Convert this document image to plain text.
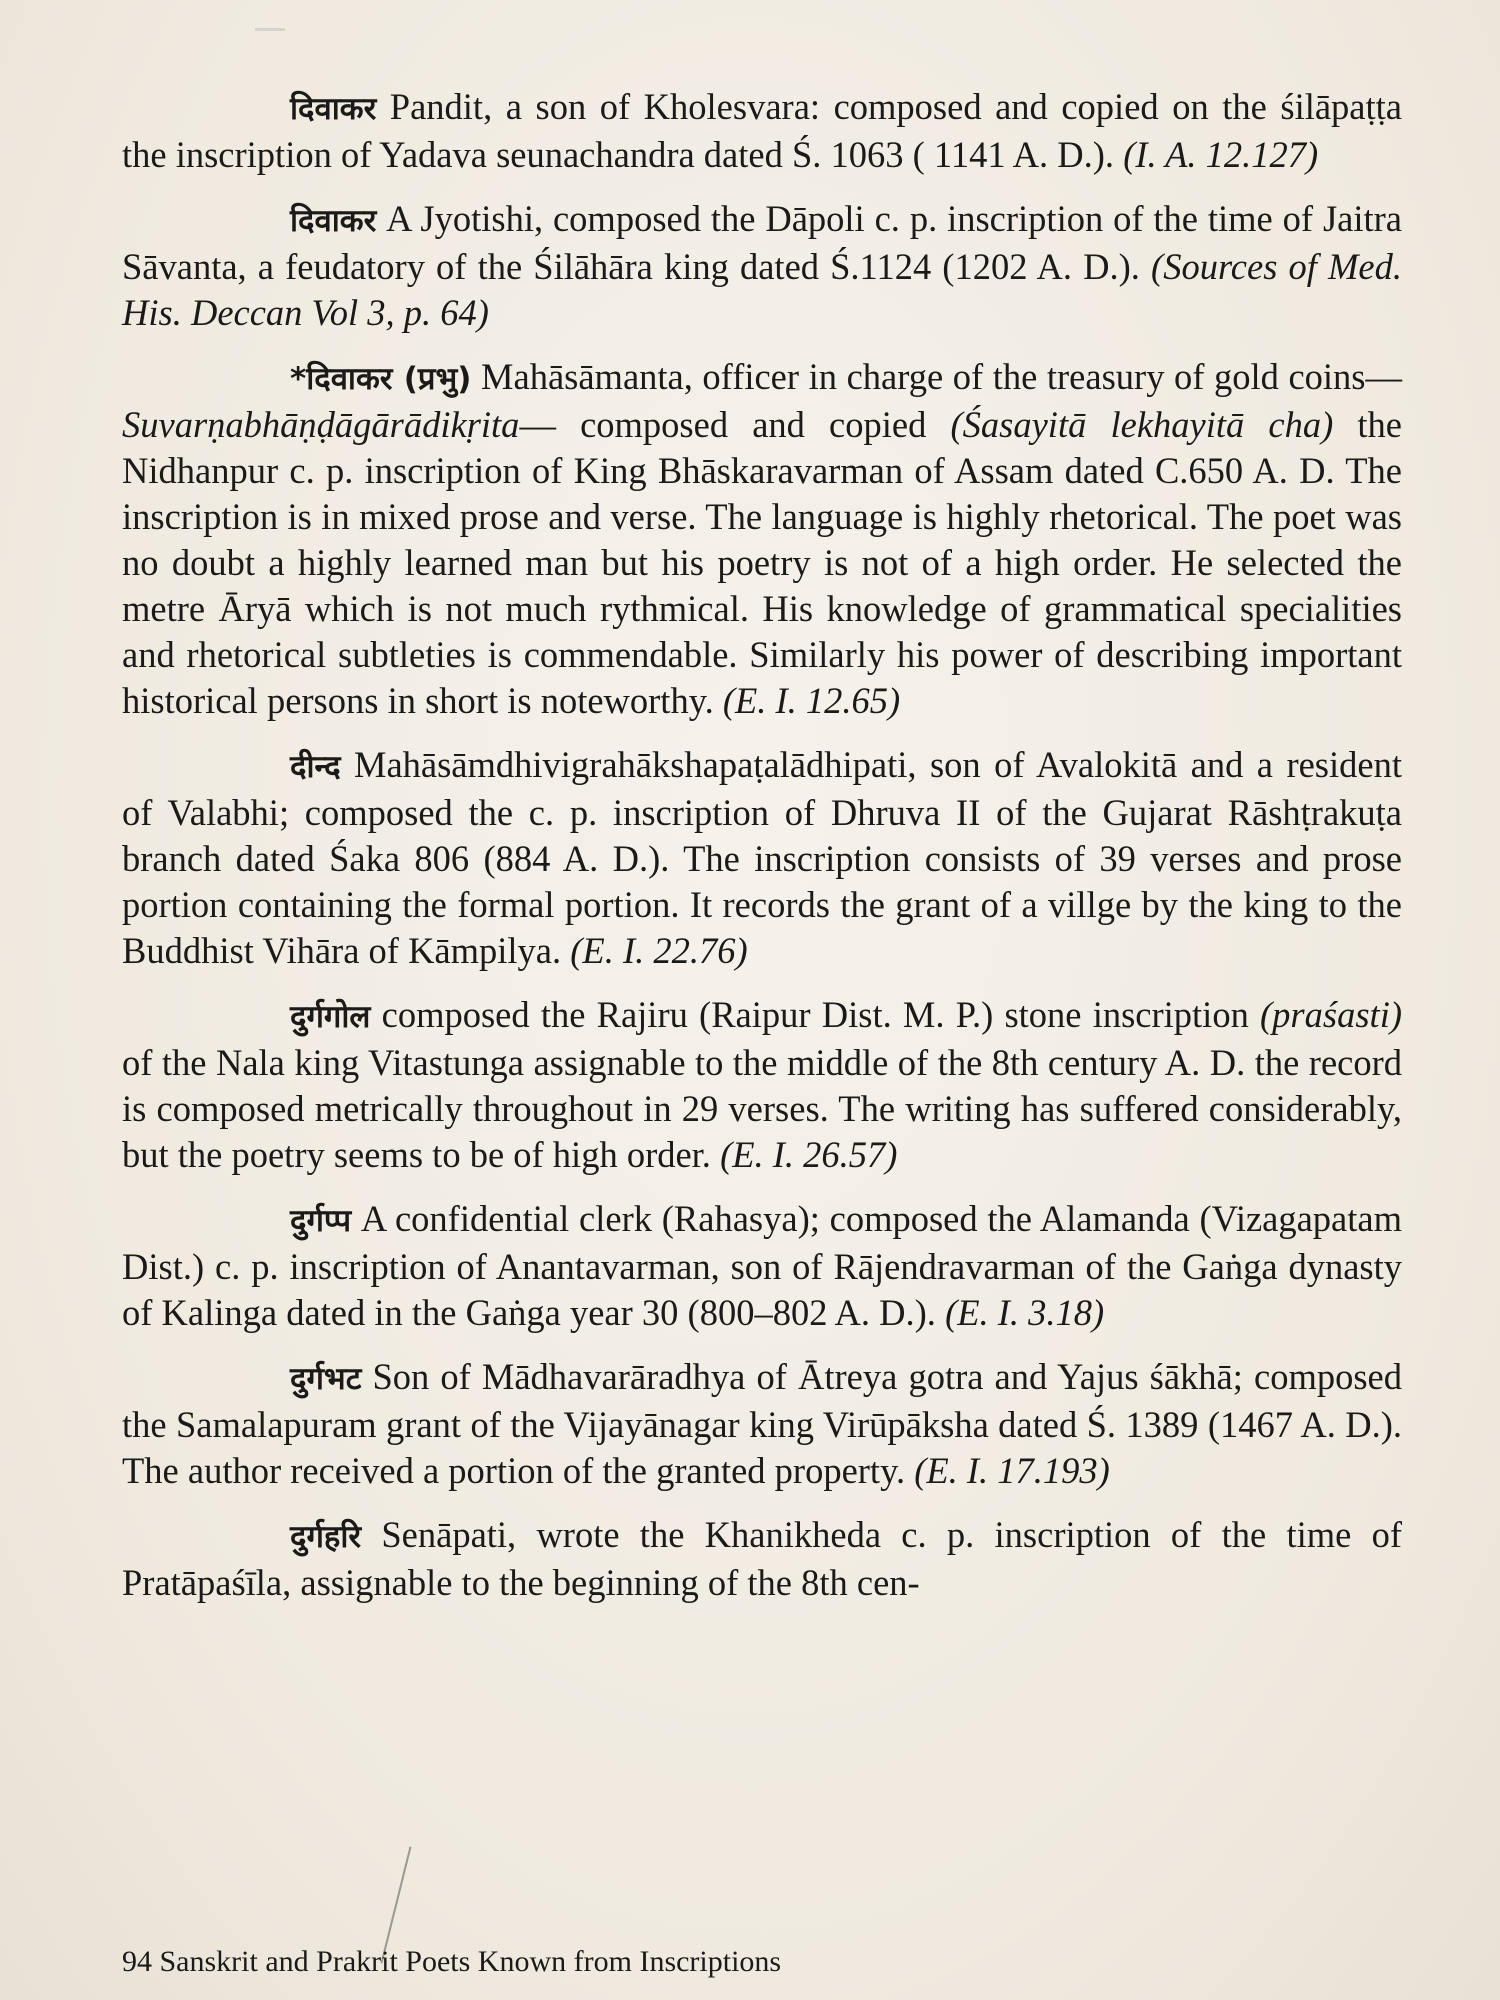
दिवाकर Pandit, a son of Kholesvara: composed and copied on the śilāpaṭṭa the inscription of Yadava seunachandra dated Ś. 1063 ( 1141 A. D.). (I. A. 12.127)

दिवाकर A Jyotishi, composed the Dāpoli c. p. inscription of the time of Jaitra Sāvanta, a feudatory of the Śilāhāra king dated Ś.1124 (1202 A. D.). (Sources of Med. His. Deccan Vol 3, p. 64)

*दिवाकर (प्रभु) Mahāsāmanta, officer in charge of the treasury of gold coins— Suvarṇabhāṇḍāgārādikṛita— composed and copied (Śasayitā lekhayitā cha) the Nidhanpur c. p. inscription of King Bhāskaravarman of Assam dated C.650 A. D. The inscription is in mixed prose and verse. The language is highly rhetorical. The poet was no doubt a highly learned man but his poetry is not of a high order. He selected the metre Āryā which is not much rythmical. His knowledge of grammatical specialities and rhetorical subtleties is commendable. Similarly his power of describing important historical persons in short is noteworthy. (E. I. 12.65)

दीन्द Mahāsāmdhivigrahākshapaṭalādhipati, son of Avalokitā and a resident of Valabhi; composed the c. p. inscription of Dhruva II of the Gujarat Rāshṭrakuṭa branch dated Śaka 806 (884 A. D.). The inscription consists of 39 verses and prose portion containing the formal portion. It records the grant of a villge by the king to the Buddhist Vihāra of Kāmpilya. (E. I. 22.76)

दुर्गगोल composed the Rajiru (Raipur Dist. M. P.) stone inscription (praśasti) of the Nala king Vitastunga assignable to the middle of the 8th century A. D. the record is composed metrically throughout in 29 verses. The writing has suffered considerably, but the poetry seems to be of high order. (E. I. 26.57)

दुर्गप्प A confidential clerk (Rahasya); composed the Alamanda (Vizagapatam Dist.) c. p. inscription of Anantavarman, son of Rājendravarman of the Gaṅga dynasty of Kalinga dated in the Gaṅga year 30 (800–802 A. D.). (E. I. 3.18)

दुर्गभट Son of Mādhavarāradhya of Ātreya gotra and Yajus śākhā; composed the Samalapuram grant of the Vijayānagar king Virūpāksha dated Ś. 1389 (1467 A. D.). The author received a portion of the granted property. (E. I. 17.193)

दुर्गहरि Senāpati, wrote the Khanikheda c. p. inscription of the time of Pratāpaśīla, assignable to the beginning of the 8th cen-

94 Sanskrit and Prakrit Poets Known from Inscriptions
